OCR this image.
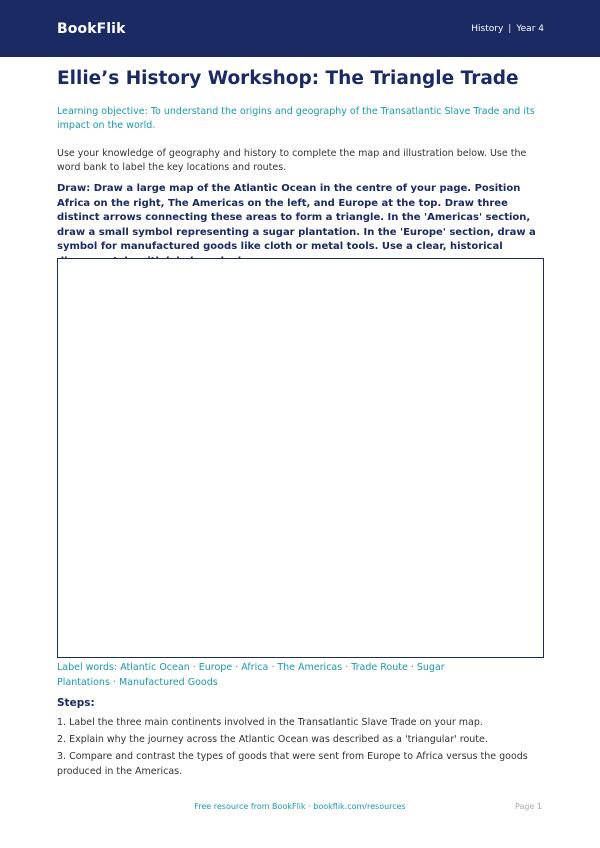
BookFlik	History | Year 4
Ellie’s History Workshop: The Triangle Trade

Learning objective: To understand the origins and geography of the Transatlantic Slave Trade and its impact on the world.

Use your knowledge of geography and history to complete the map and illustration below. Use the word bank to label the key locations and routes.

Draw: Draw a large map of the Atlantic Ocean in the centre of your page. Position Africa on the right, The Americas on the left, and Europe at the top. Draw three distinct arrows connecting these areas to form a triangle. In the 'Americas' section, draw a small symbol representing a sugar plantation. In the 'Europe' section, draw a symbol for manufactured goods like cloth or metal tools. Use a clear, historical

Label words: Atlantic Ocean · Europe · Africa · The Americas · Trade Route · Sugar Plantations · Manufactured Goods
Steps:
1. Label the three main continents involved in the Transatlantic Slave Trade on your map.
2. Explain why the journey across the Atlantic Ocean was described as a 'triangular' route.
3. Compare and contrast the types of goods that were sent from Europe to Africa versus the goods produced in the Americas.
Free resource from BookFlik · bookflik.com/resources	Page 1
